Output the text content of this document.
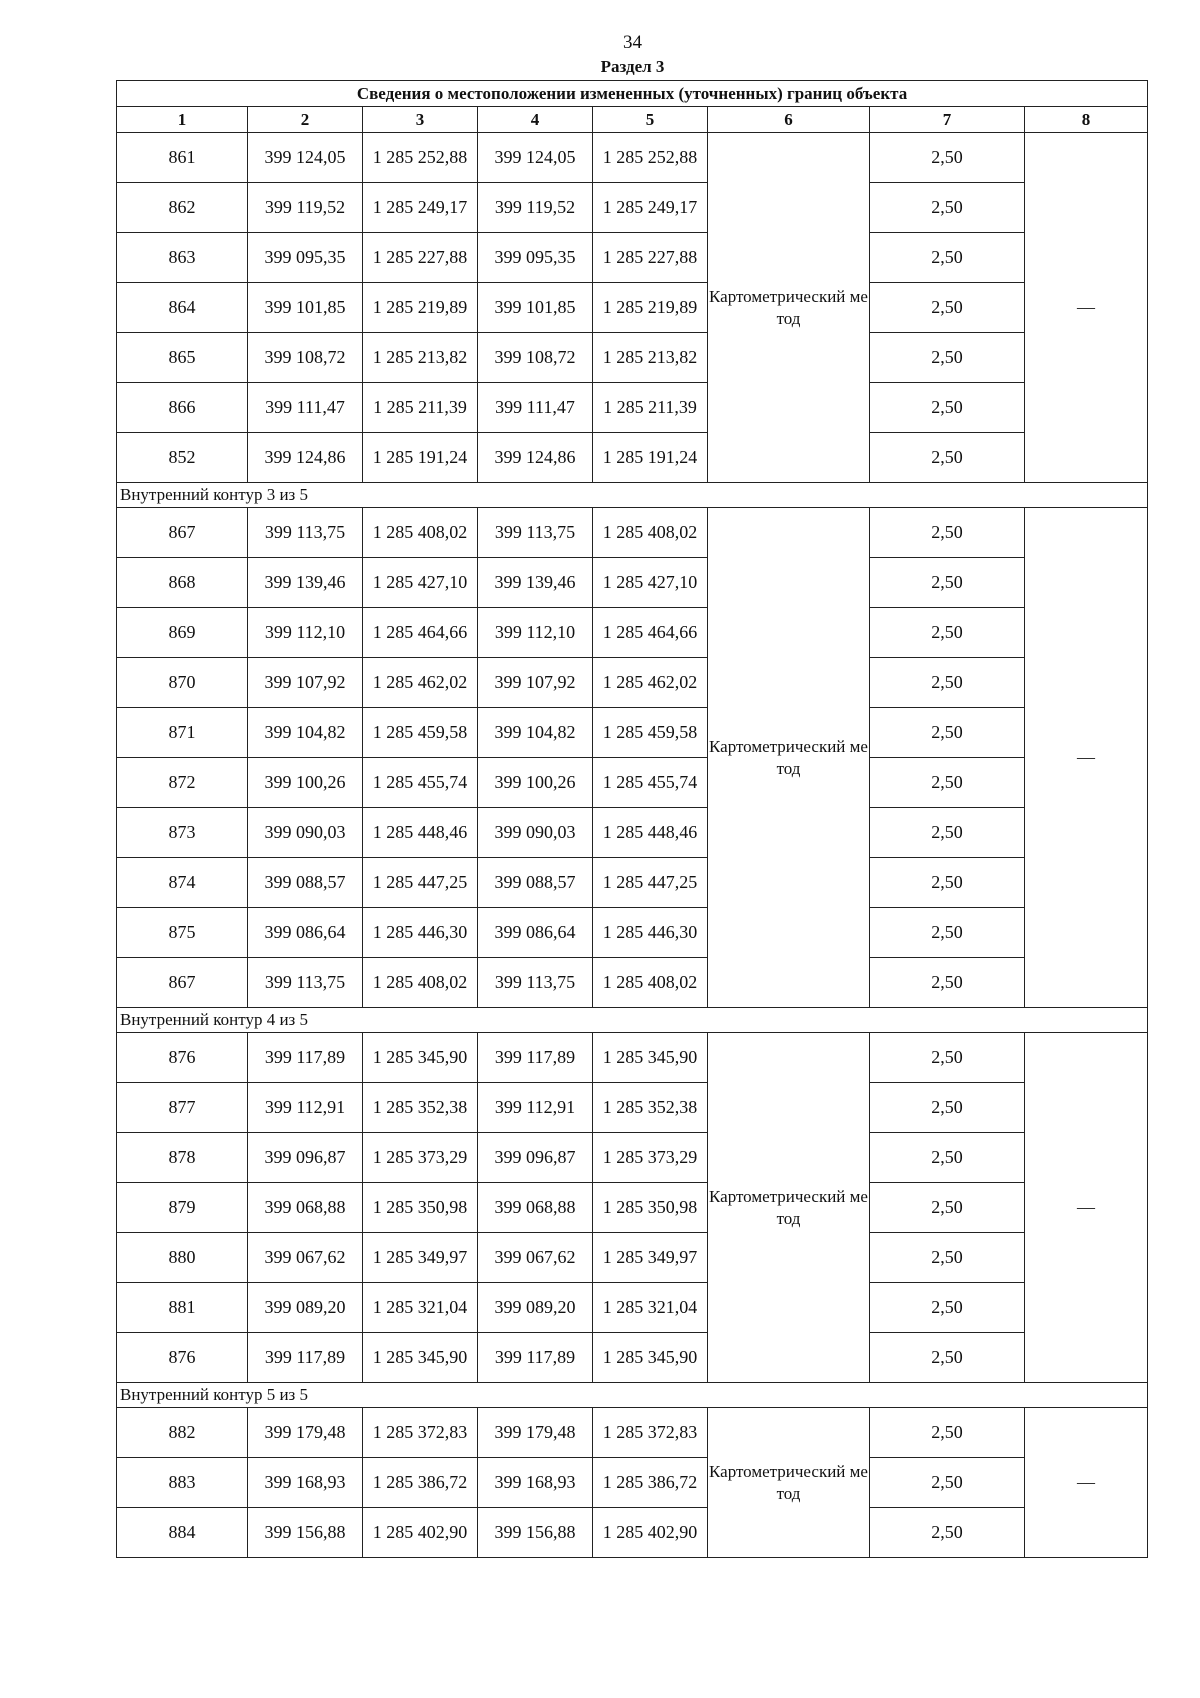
34
Раздел 3
Сведения о местоположении измененных (уточненных) границ объекта							
1	2	3	4	5	6	7	8
861	399 124,05	1 285 252,88	399 124,05	1 285 252,88	Картометрический метод	2,50	—
862	399 119,52	1 285 249,17	399 119,52	1 285 249,17		2,50	
863	399 095,35	1 285 227,88	399 095,35	1 285 227,88		2,50	
864	399 101,85	1 285 219,89	399 101,85	1 285 219,89		2,50	
865	399 108,72	1 285 213,82	399 108,72	1 285 213,82		2,50	
866	399 111,47	1 285 211,39	399 111,47	1 285 211,39		2,50	
852	399 124,86	1 285 191,24	399 124,86	1 285 191,24		2,50	
Внутренний контур 3 из 5							
867	399 113,75	1 285 408,02	399 113,75	1 285 408,02	Картометрический метод	2,50	—
868	399 139,46	1 285 427,10	399 139,46	1 285 427,10		2,50	
869	399 112,10	1 285 464,66	399 112,10	1 285 464,66		2,50	
870	399 107,92	1 285 462,02	399 107,92	1 285 462,02		2,50	
871	399 104,82	1 285 459,58	399 104,82	1 285 459,58		2,50	
872	399 100,26	1 285 455,74	399 100,26	1 285 455,74		2,50	
873	399 090,03	1 285 448,46	399 090,03	1 285 448,46		2,50	
874	399 088,57	1 285 447,25	399 088,57	1 285 447,25		2,50	
875	399 086,64	1 285 446,30	399 086,64	1 285 446,30		2,50	
867	399 113,75	1 285 408,02	399 113,75	1 285 408,02		2,50	
Внутренний контур 4 из 5							
876	399 117,89	1 285 345,90	399 117,89	1 285 345,90	Картометрический метод	2,50	—
877	399 112,91	1 285 352,38	399 112,91	1 285 352,38		2,50	
878	399 096,87	1 285 373,29	399 096,87	1 285 373,29		2,50	
879	399 068,88	1 285 350,98	399 068,88	1 285 350,98		2,50	
880	399 067,62	1 285 349,97	399 067,62	1 285 349,97		2,50	
881	399 089,20	1 285 321,04	399 089,20	1 285 321,04		2,50	
876	399 117,89	1 285 345,90	399 117,89	1 285 345,90		2,50	
Внутренний контур 5 из 5							
882	399 179,48	1 285 372,83	399 179,48	1 285 372,83	Картометрический метод	2,50	—
883	399 168,93	1 285 386,72	399 168,93	1 285 386,72		2,50	
884	399 156,88	1 285 402,90	399 156,88	1 285 402,90		2,50	
